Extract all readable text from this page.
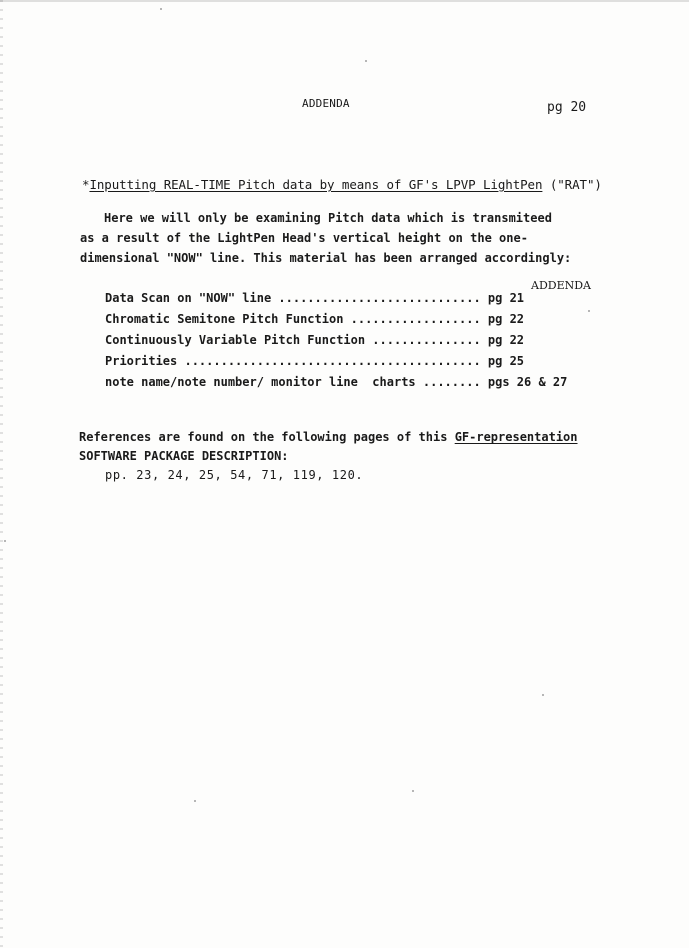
ADDENDA	pg 20
*Inputting REAL-TIME Pitch data by means of GF's LPVP LightPen ("RAT")
Here we will only be examining Pitch data which is transmiteed
as a result of the LightPen Head's vertical height on the one-
dimensional "NOW" line. This material has been arranged accordingly:
ADDENDA
Data Scan on "NOW" line ............................ pg 21
Chromatic Semitone Pitch Function .................. pg 22
Continuously Variable Pitch Function ............... pg 22
Priorities ......................................... pg 25
note name/note number/ monitor line  charts ........ pgs 26 & 27
References are found on the following pages of this GF-representation
SOFTWARE PACKAGE DESCRIPTION:
pp. 23, 24, 25, 54, 71, 119, 120.
